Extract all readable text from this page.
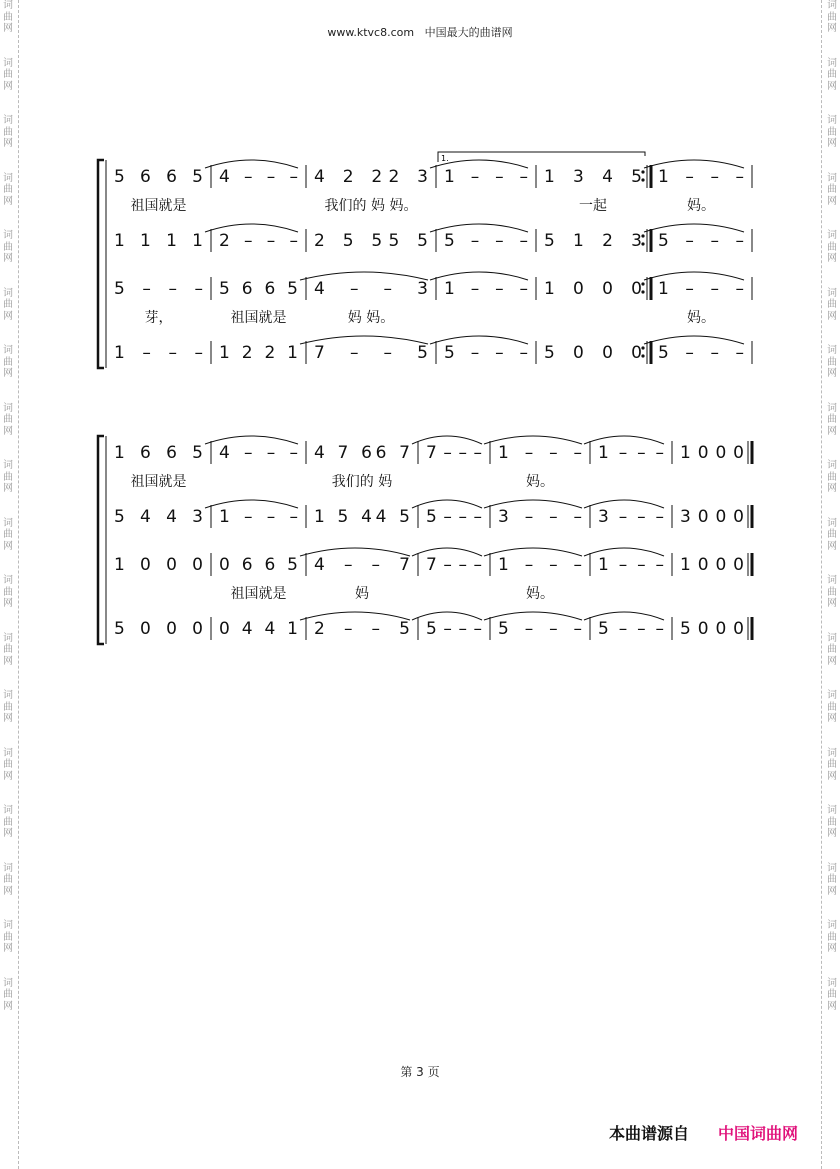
词
曲
网

词
曲
网

词
曲
网

词
曲
网

词
曲
网

词
曲
网

词
曲
网

词
曲
网

词
曲
网

词
曲
网

词
曲
网

词
曲
网

词
曲
网

词
曲
网

词
曲
网

词
曲
网

词
曲
网

词
曲
网
词
曲
网

词
曲
网

词
曲
网

词
曲
网

词
曲
网

词
曲
网

词
曲
网

词
曲
网

词
曲
网

词
曲
网

词
曲
网

词
曲
网

词
曲
网

词
曲
网

词
曲
网

词
曲
网

词
曲
网

词
曲
网
www.ktvc8.com 中国最大的曲谱网
1.
5 6 6 5 4 – – – 4 2 22 3 1 – – – 1 3 4 5 1 – – –
祖国就是	我们的 妈 妈。	一起	妈。
1 1 1 1 2 – – – 2 5 55 5 5 – – – 5 1 2 3 5 – – –
5 – – – 5 6 6 5 4 – – 3 1 – – – 1 0 0 0 1 – – –
芽，	祖国就是	妈 妈。	妈。
1 – – – 1 2 2 1 7 – – 5 5 – – – 5 0 0 0 5 – – –
1 6 6 5 4 – – – 4 7 66 7 7 – – – 1 – – – 1 – – – 1 0 0 0
祖国就是	我们的 妈	妈。
5 4 4 3 1 – – – 1 5 44 5 5 – – – 3 – – – 3 – – – 3 0 0 0
1 0 0 0 0 6 6 5 4 – – 7 7 – – – 1 – – – 1 – – – 1 0 0 0
祖国就是	妈	妈。
5 0 0 0 0 4 4 1 2 – – 5 5 – – – 5 – – – 5 – – – 5 0 0 0
第 3 页
本曲谱源自 中国词曲网
